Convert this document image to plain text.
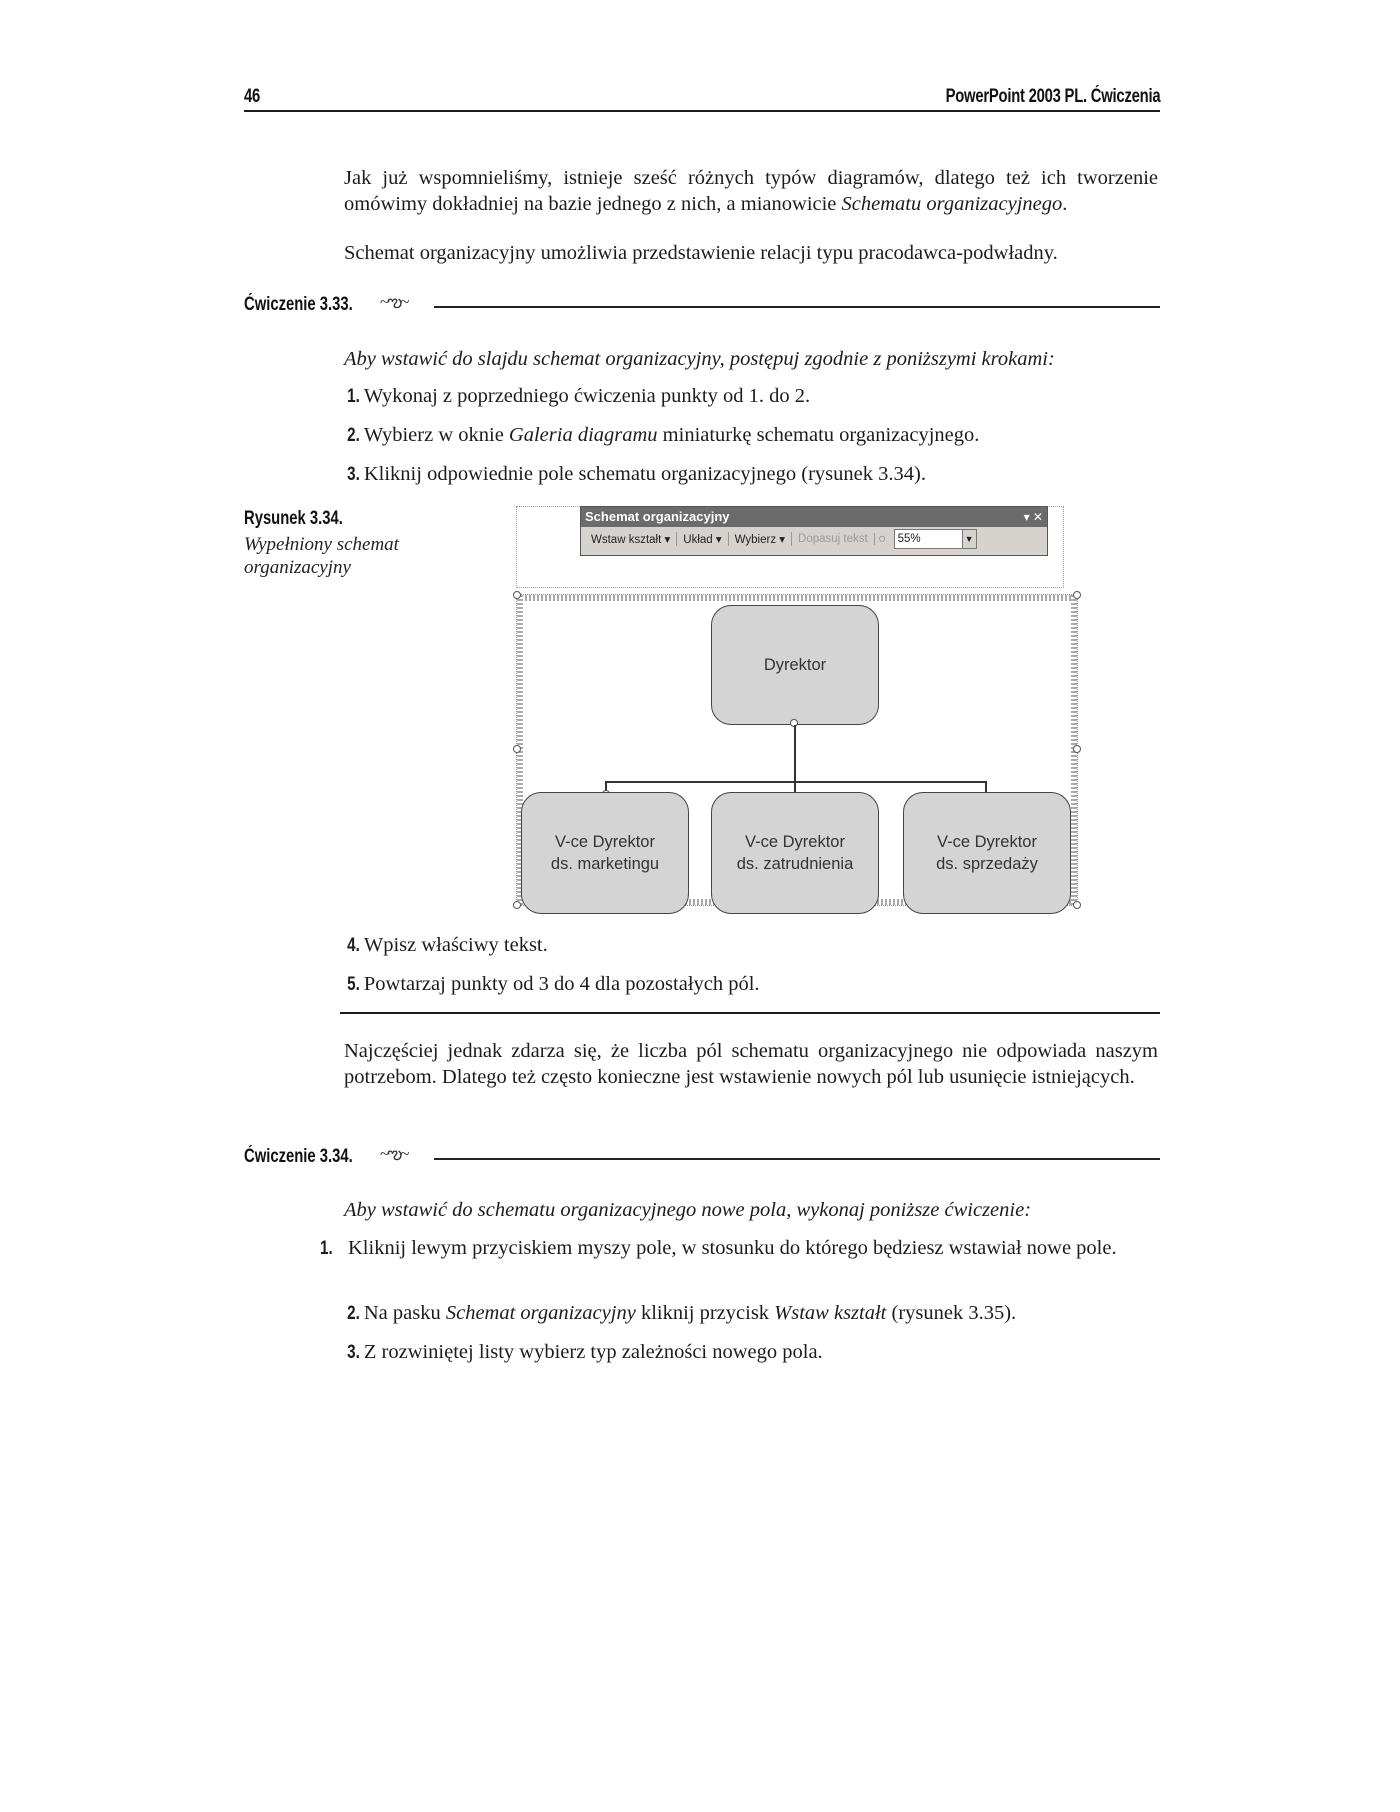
46	PowerPoint 2003 PL. Ćwiczenia
Jak już wspomnieliśmy, istnieje sześć różnych typów diagramów, dlatego też ich tworzenie omówimy dokładniej na bazie jednego z nich, a mianowicie Schematu organizacyjnego.
Schemat organizacyjny umożliwia przedstawienie relacji typu pracodawca-podwładny.
Ćwiczenie 3.33. ~ఌ~
Aby wstawić do slajdu schemat organizacyjny, postępuj zgodnie z poniższymi krokami:
1. Wykonaj z poprzedniego ćwiczenia punkty od 1. do 2.
2. Wybierz w oknie Galeria diagramu miniaturkę schematu organizacyjnego.
3. Kliknij odpowiednie pole schematu organizacyjnego (rysunek 3.34).
Rysunek 3.34.
Wypełniony schemat organizacyjny
Schemat organizacyjny	▾ ✕
Wstaw kształt ▾	Układ ▾	Wybierz ▾	Dopasuj tekst ◌	55%	▼
Dyrektor
V-ce Dyrektor
ds. marketingu
V-ce Dyrektor
ds. zatrudnienia
V-ce Dyrektor
ds. sprzedaży
4. Wpisz właściwy tekst.
5. Powtarzaj punkty od 3 do 4 dla pozostałych pól.
Najczęściej jednak zdarza się, że liczba pól schematu organizacyjnego nie odpowiada naszym potrzebom. Dlatego też często konieczne jest wstawienie nowych pól lub usunięcie istniejących.
Ćwiczenie 3.34. ~ఌ~
Aby wstawić do schematu organizacyjnego nowe pola, wykonaj poniższe ćwiczenie:
1. Kliknij lewym przyciskiem myszy pole, w stosunku do którego będziesz wstawiał nowe pole.
2. Na pasku Schemat organizacyjny kliknij przycisk Wstaw kształt (rysunek 3.35).
3. Z rozwiniętej listy wybierz typ zależności nowego pola.
